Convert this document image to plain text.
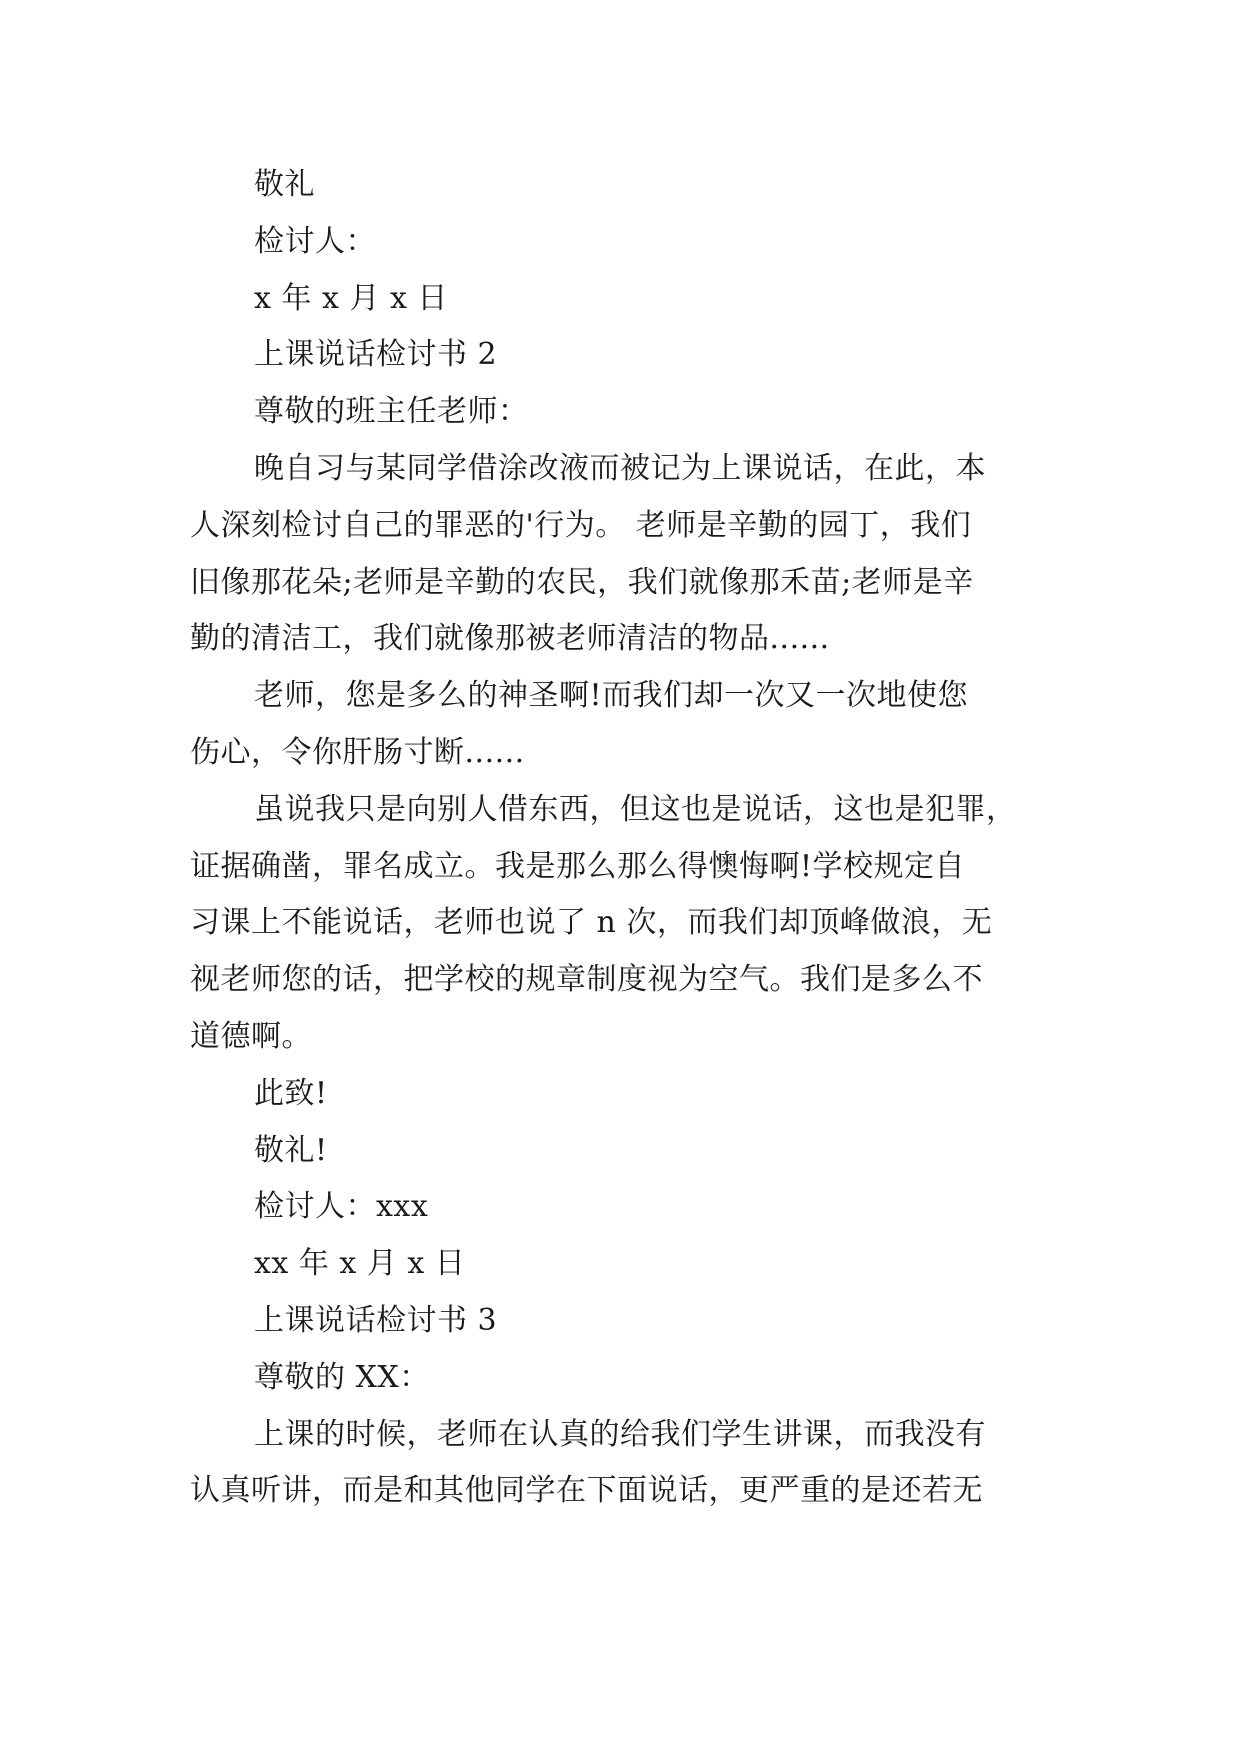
敬礼
检讨人：
x 年 x 月 x 日
上课说话检讨书 2
尊敬的班主任老师：
晚自习与某同学借涂改液而被记为上课说话，在此，本
人深刻检讨自己的罪恶的'行为。 老师是辛勤的园丁，我们
旧像那花朵;老师是辛勤的农民，我们就像那禾苗;老师是辛
勤的清洁工，我们就像那被老师清洁的物品......
老师，您是多么的神圣啊!而我们却一次又一次地使您
伤心，令你肝肠寸断......
虽说我只是向别人借东西，但这也是说话，这也是犯罪，
证据确凿，罪名成立。我是那么那么得懊悔啊!学校规定自
习课上不能说话，老师也说了 n 次，而我们却顶峰做浪，无
视老师您的话，把学校的规章制度视为空气。我们是多么不
道德啊。
此致!
敬礼!
检讨人：xxx
xx 年 x 月 x 日
上课说话检讨书 3
尊敬的 XX：
上课的时候，老师在认真的给我们学生讲课，而我没有
认真听讲，而是和其他同学在下面说话，更严重的是还若无
